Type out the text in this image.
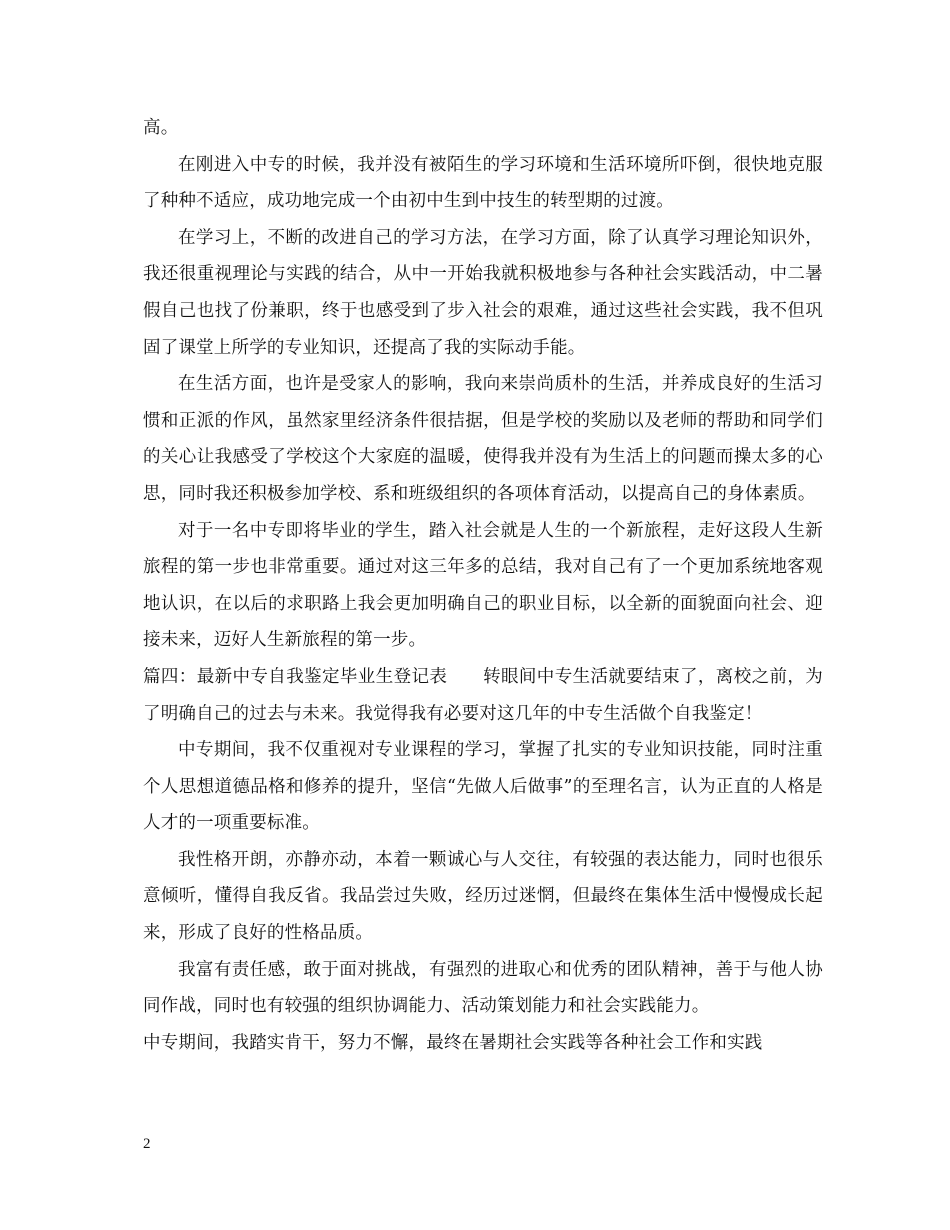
高。

在刚进入中专的时候，我并没有被陌生的学习环境和生活环境所吓倒，很快地克服了种种不适应，成功地完成一个由初中生到中技生的转型期的过渡。

在学习上，不断的改进自己的学习方法，在学习方面，除了认真学习理论知识外，我还很重视理论与实践的结合，从中一开始我就积极地参与各种社会实践活动，中二暑假自己也找了份兼职，终于也感受到了步入社会的艰难，通过这些社会实践，我不但巩固了课堂上所学的专业知识，还提高了我的实际动手能。

在生活方面，也许是受家人的影响，我向来崇尚质朴的生活，并养成良好的生活习惯和正派的作风，虽然家里经济条件很拮据，但是学校的奖励以及老师的帮助和同学们的关心让我感受了学校这个大家庭的温暖，使得我并没有为生活上的问题而操太多的心思，同时我还积极参加学校、系和班级组织的各项体育活动，以提高自己的身体素质。

对于一名中专即将毕业的学生，踏入社会就是人生的一个新旅程，走好这段人生新旅程的第一步也非常重要。通过对这三年多的总结，我对自己有了一个更加系统地客观地认识，在以后的求职路上我会更加明确自己的职业目标，以全新的面貌面向社会、迎接未来，迈好人生新旅程的第一步。

篇四：最新中专自我鉴定毕业生登记表　　转眼间中专生活就要结束了，离校之前，为了明确自己的过去与未来。我觉得我有必要对这几年的中专生活做个自我鉴定！

中专期间，我不仅重视对专业课程的学习，掌握了扎实的专业知识技能，同时注重个人思想道德品格和修养的提升，坚信“先做人后做事”的至理名言，认为正直的人格是人才的一项重要标准。

我性格开朗，亦静亦动，本着一颗诚心与人交往，有较强的表达能力，同时也很乐意倾听，懂得自我反省。我品尝过失败，经历过迷惘，但最终在集体生活中慢慢成长起来，形成了良好的性格品质。

我富有责任感，敢于面对挑战，有强烈的进取心和优秀的团队精神，善于与他人协同作战，同时也有较强的组织协调能力、活动策划能力和社会实践能力。

中专期间，我踏实肯干，努力不懈，最终在暑期社会实践等各种社会工作和实践

2
